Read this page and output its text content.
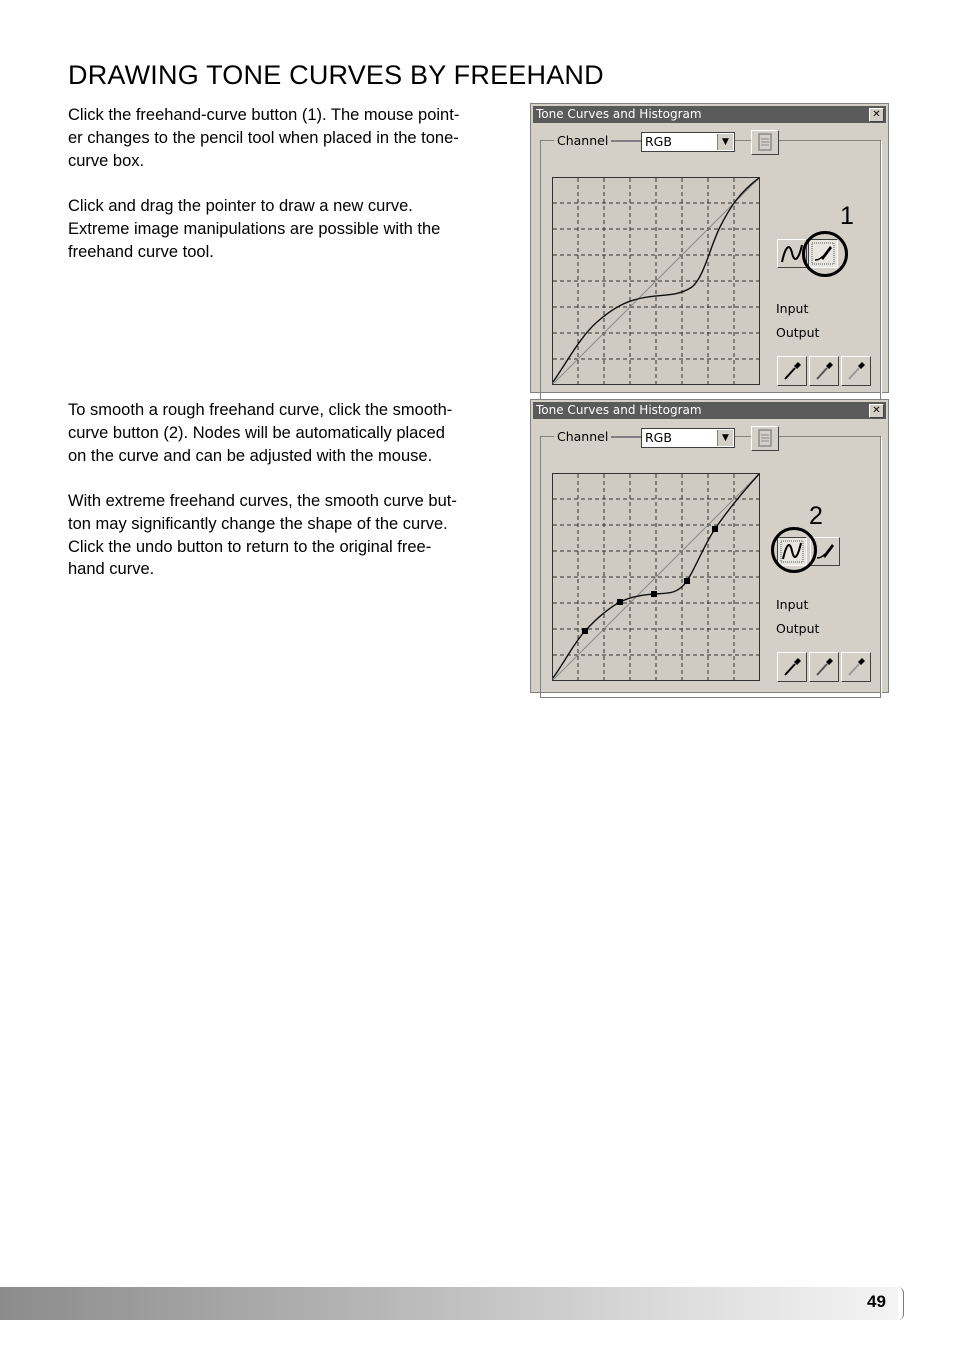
DRAWING TONE CURVES BY FREEHAND
Click the freehand-curve button (1). The mouse point-
er changes to the pencil tool when placed in the tone-
curve box.
Click and drag the pointer to draw a new curve.
Extreme image manipulations are possible with the
freehand curve tool.
To smooth a rough freehand curve, click the smooth-
curve button (2). Nodes will be automatically placed
on the curve and can be adjusted with the mouse.
With extreme freehand curves, the smooth curve but-
ton may significantly change the shape of the curve.
Click the undo button to return to the original free-
hand curve.
Tone Curves and Histogram	✕
Channel	RGB	▼
1
Input
Output
Tone Curves and Histogram	✕
Channel	RGB	▼
2
Input
Output
49
